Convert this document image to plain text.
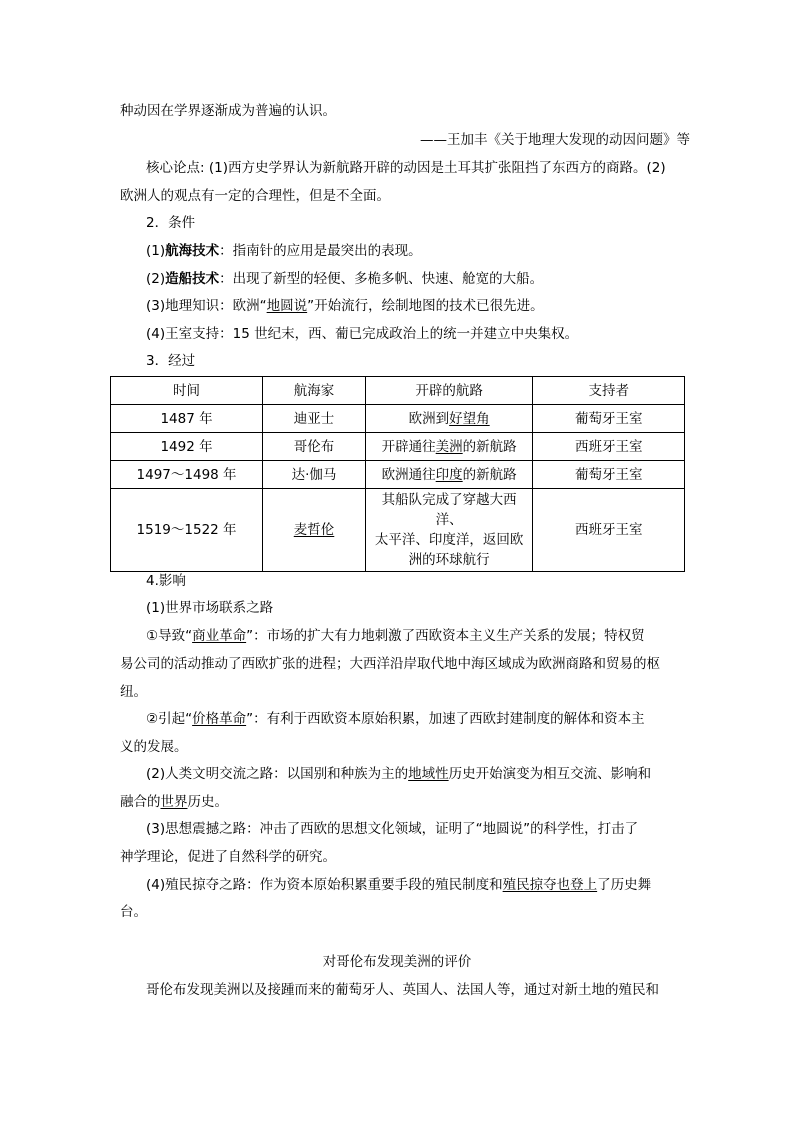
种动因在学界逐渐成为普遍的认识。
——王加丰《关于地理大发现的动因问题》等
核心论点: (1)西方史学界认为新航路开辟的动因是土耳其扩张阻挡了东西方的商路。(2)
欧洲人的观点有一定的合理性，但是不全面。
2．条件
(1)航海技术：指南针的应用是最突出的表现。
(2)造船技术：出现了新型的轻便、多桅多帆、快速、舱宽的大船。
(3)地理知识：欧洲“地圆说”开始流行，绘制地图的技术已很先进。
(4)王室支持：15 世纪末，西、葡已完成政治上的统一并建立中央集权。
3．经过
时间	航海家	开辟的航路	支持者
1487 年	迪亚士	欧洲到好望角	葡萄牙王室
1492 年	哥伦布	开辟通往美洲的新航路	西班牙王室
1497～1498 年	达·伽马	欧洲通往印度的新航路	葡萄牙王室
1519～1522 年	麦哲伦	其船队完成了穿越大西洋、
太平洋、印度洋，返回欧
洲的环球航行	西班牙王室
4.影响
(1)世界市场联系之路
①导致“商业革命”：市场的扩大有力地刺激了西欧资本主义生产关系的发展；特权贸
易公司的活动推动了西欧扩张的进程；大西洋沿岸取代地中海区域成为欧洲商路和贸易的枢
纽。
②引起“价格革命”：有利于西欧资本原始积累，加速了西欧封建制度的解体和资本主
义的发展。
(2)人类文明交流之路：以国别和种族为主的地域性历史开始演变为相互交流、影响和
融合的世界历史。
(3)思想震撼之路：冲击了西欧的思想文化领域，证明了“地圆说”的科学性，打击了
神学理论，促进了自然科学的研究。
(4)殖民掠夺之路：作为资本原始积累重要手段的殖民制度和殖民掠夺也登上了历史舞
台。
对哥伦布发现美洲的评价
哥伦布发现美洲以及接踵而来的葡萄牙人、英国人、法国人等，通过对新土地的殖民和
